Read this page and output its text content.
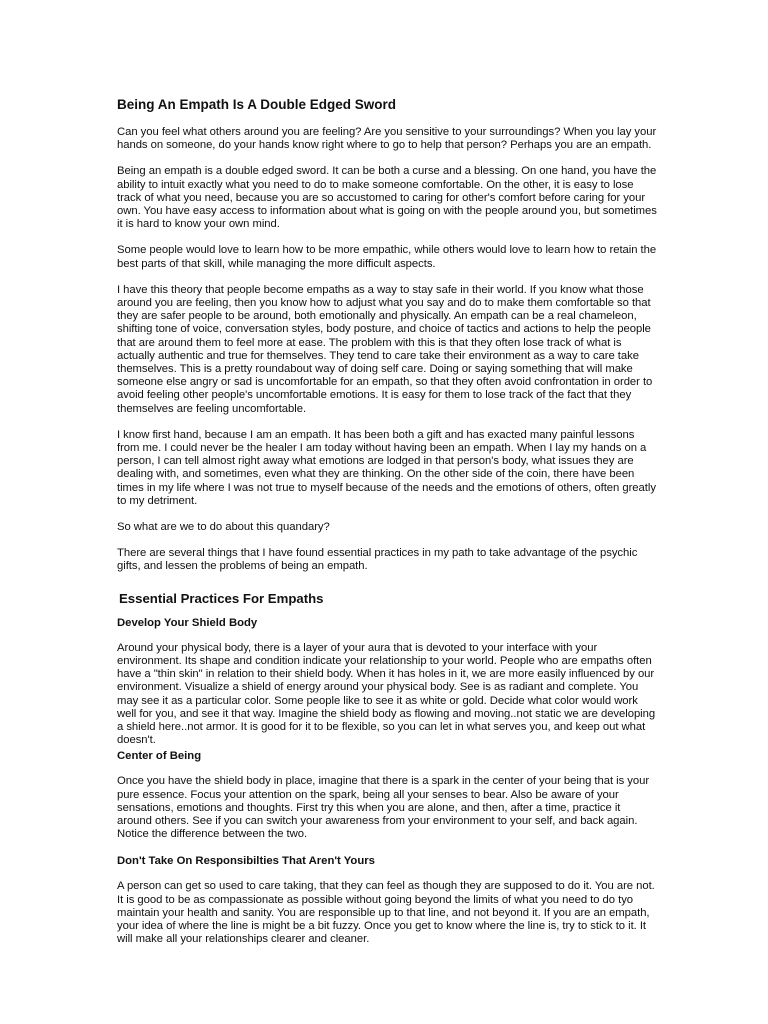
Being An Empath Is A Double Edged Sword

Can you feel what others around you are feeling? Are you sensitive to your surroundings? When you lay your hands on someone, do your hands know right where to go to help that person? Perhaps you are an empath.

Being an empath is a double edged sword. It can be both a curse and a blessing. On one hand, you have the ability to intuit exactly what you need to do to make someone comfortable. On the other, it is easy to lose track of what you need, because you are so accustomed to caring for other's comfort before caring for your own. You have easy access to information about what is going on with the people around you, but sometimes it is hard to know your own mind.

Some people would love to learn how to be more empathic, while others would love to learn how to retain the best parts of that skill, while managing the more difficult aspects.

I have this theory that people become empaths as a way to stay safe in their world. If you know what those around you are feeling, then you know how to adjust what you say and do to make them comfortable so that they are safer people to be around, both emotionally and physically. An empath can be a real chameleon, shifting tone of voice, conversation styles, body posture, and choice of tactics and actions to help the people that are around them to feel more at ease. The problem with this is that they often lose track of what is actually authentic and true for themselves. They tend to care take their environment as a way to care take themselves. This is a pretty roundabout way of doing self care. Doing or saying something that will make someone else angry or sad is uncomfortable for an empath, so that they often avoid confrontation in order to avoid feeling other people's uncomfortable emotions. It is easy for them to lose track of the fact that they themselves are feeling uncomfortable.

I know first hand, because I am an empath. It has been both a gift and has exacted many painful lessons from me. I could never be the healer I am today without having been an empath. When I lay my hands on a person, I can tell almost right away what emotions are lodged in that person's body, what issues they are dealing with, and sometimes, even what they are thinking. On the other side of the coin, there have been times in my life where I was not true to myself because of the needs and the emotions of others, often greatly to my detriment.

So what are we to do about this quandary?

There are several things that I have found essential practices in my path to take advantage of the psychic gifts, and lessen the problems of being an empath.

Essential Practices For Empaths
Develop Your Shield Body

Around your physical body, there is a layer of your aura that is devoted to your interface with your environment. Its shape and condition indicate your relationship to your world. People who are empaths often have a "thin skin" in relation to their shield body. When it has holes in it, we are more easily influenced by our environment. Visualize a shield of energy around your physical body. See is as radiant and complete. You may see it as a particular color. Some people like to see it as white or gold. Decide what color would work well for you, and see it that way. Imagine the shield body as flowing and moving..not static we are developing a shield here..not armor. It is good for it to be flexible, so you can let in what serves you, and keep out what doesn't.

Center of Being

Once you have the shield body in place, imagine that there is a spark in the center of your being that is your pure essence. Focus your attention on the spark, being all your senses to bear. Also be aware of your sensations, emotions and thoughts. First try this when you are alone, and then, after a time, practice it around others. See if you can switch your awareness from your environment to your self, and back again. Notice the difference between the two.

Don't Take On Responsibilties That Aren't Yours

A person can get so used to care taking, that they can feel as though they are supposed to do it. You are not. It is good to be as compassionate as possible without going beyond the limits of what you need to do tyo maintain your health and sanity. You are responsible up to that line, and not beyond it. If you are an empath, your idea of where the line is might be a bit fuzzy. Once you get to know where the line is, try to stick to it. It will make all your relationships clearer and cleaner.
